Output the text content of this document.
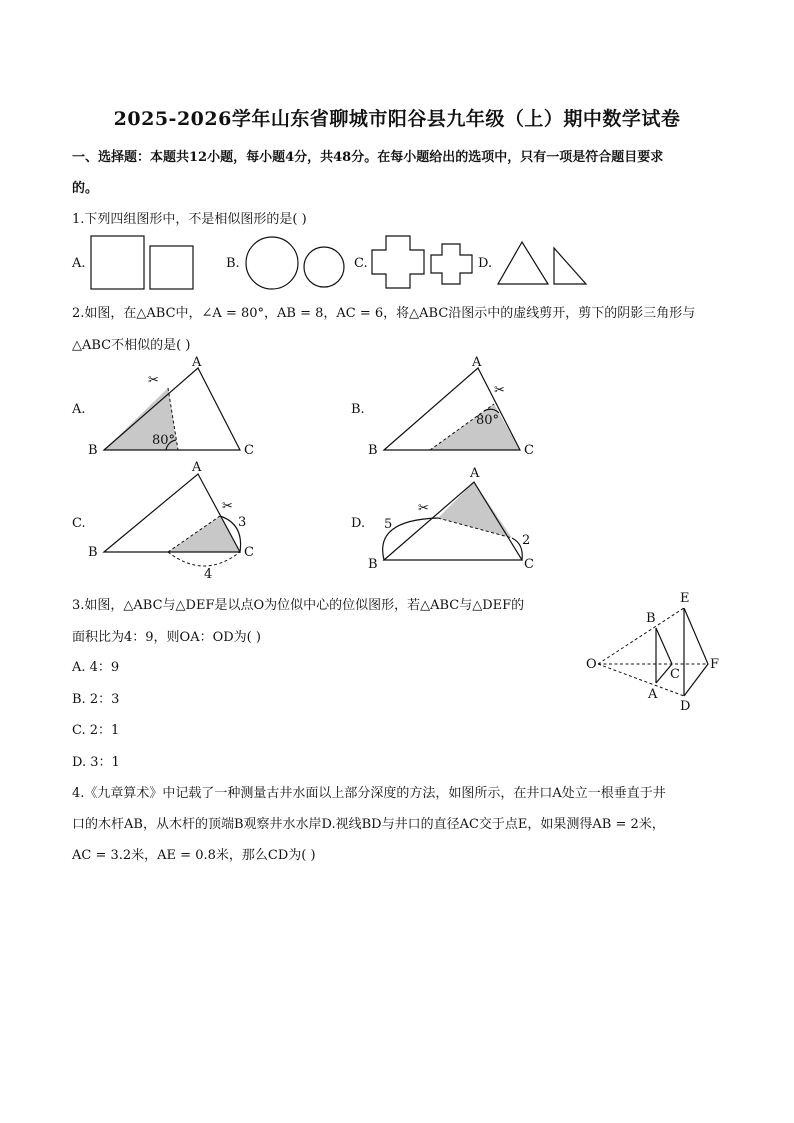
2025-2026学年山东省聊城市阳谷县九年级（上）期中数学试卷
一、选择题：本题共12小题，每小题4分，共48分。在每小题给出的选项中，只有一项是符合题目要求
的。
1.下列四组图形中，不是相似图形的是( )
A.	B.	C.	D.
2.如图，在△ABC中，∠A = 80°，AB = 8，AC = 6，将△ABC沿图示中的虚线剪开，剪下的阴影三角形与
△ABC不相似的是( )
A.
A
B	C
80°
✂
B.
A
B	C
80°
✂
C.
A
B	C
3
4
✂
D.
A
B	C
5
2
✂
3.如图，△ABC与△DEF是以点O为位似中心的位似图形，若△ABC与△DEF的
面积比为4：9，则OA：OD为( )
A. 4：9
B. 2：3
C. 2：1
D. 3：1
O
B
C
A
E
F
D
4.《九章算术》中记载了一种测量古井水面以上部分深度的方法，如图所示，在井口A处立一根垂直于井
口的木杆AB，从木杆的顶端B观察井水水岸D.视线BD与井口的直径AC交于点E，如果测得AB = 2米，
AC = 3.2米，AE = 0.8米，那么CD为( )
